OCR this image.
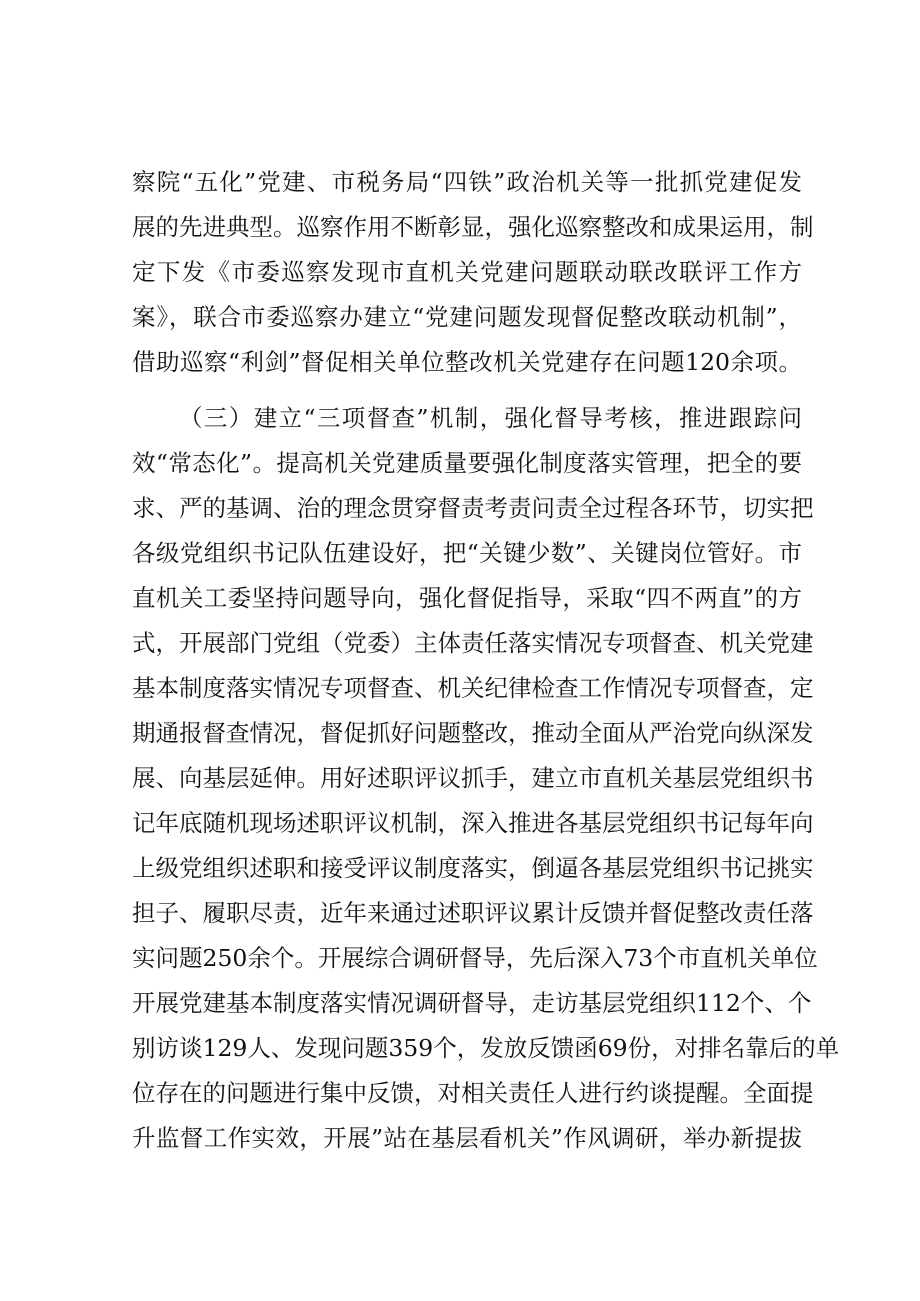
察院“五化”党建、市税务局“四铁”政治机关等一批抓党建促发
展的先进典型。巡察作用不断彰显，强化巡察整改和成果运用，制
定下发《市委巡察发现市直机关党建问题联动联改联评工作方
案》，联合市委巡察办建立“党建问题发现督促整改联动机制”，
借助巡察“利剑”督促相关单位整改机关党建存在问题120余项。
（三）建立“三项督查”机制，强化督导考核，推进跟踪问
效“常态化”。提高机关党建质量要强化制度落实管理，把全的要
求、严的基调、治的理念贯穿督责考责问责全过程各环节，切实把
各级党组织书记队伍建设好，把“关键少数”、关键岗位管好。市
直机关工委坚持问题导向，强化督促指导，采取“四不两直”的方
式，开展部门党组（党委）主体责任落实情况专项督查、机关党建
基本制度落实情况专项督查、机关纪律检查工作情况专项督查，定
期通报督查情况，督促抓好问题整改，推动全面从严治党向纵深发
展、向基层延伸。用好述职评议抓手，建立市直机关基层党组织书
记年底随机现场述职评议机制，深入推进各基层党组织书记每年向
上级党组织述职和接受评议制度落实，倒逼各基层党组织书记挑实
担子、履职尽责，近年来通过述职评议累计反馈并督促整改责任落
实问题250余个。开展综合调研督导，先后深入73个市直机关单位
开展党建基本制度落实情况调研督导，走访基层党组织112个、个
别访谈129人、发现问题359个，发放反馈函69份，对排名靠后的单
位存在的问题进行集中反馈，对相关责任人进行约谈提醒。全面提
升监督工作实效，开展”站在基层看机关”作风调研，举办新提拔
